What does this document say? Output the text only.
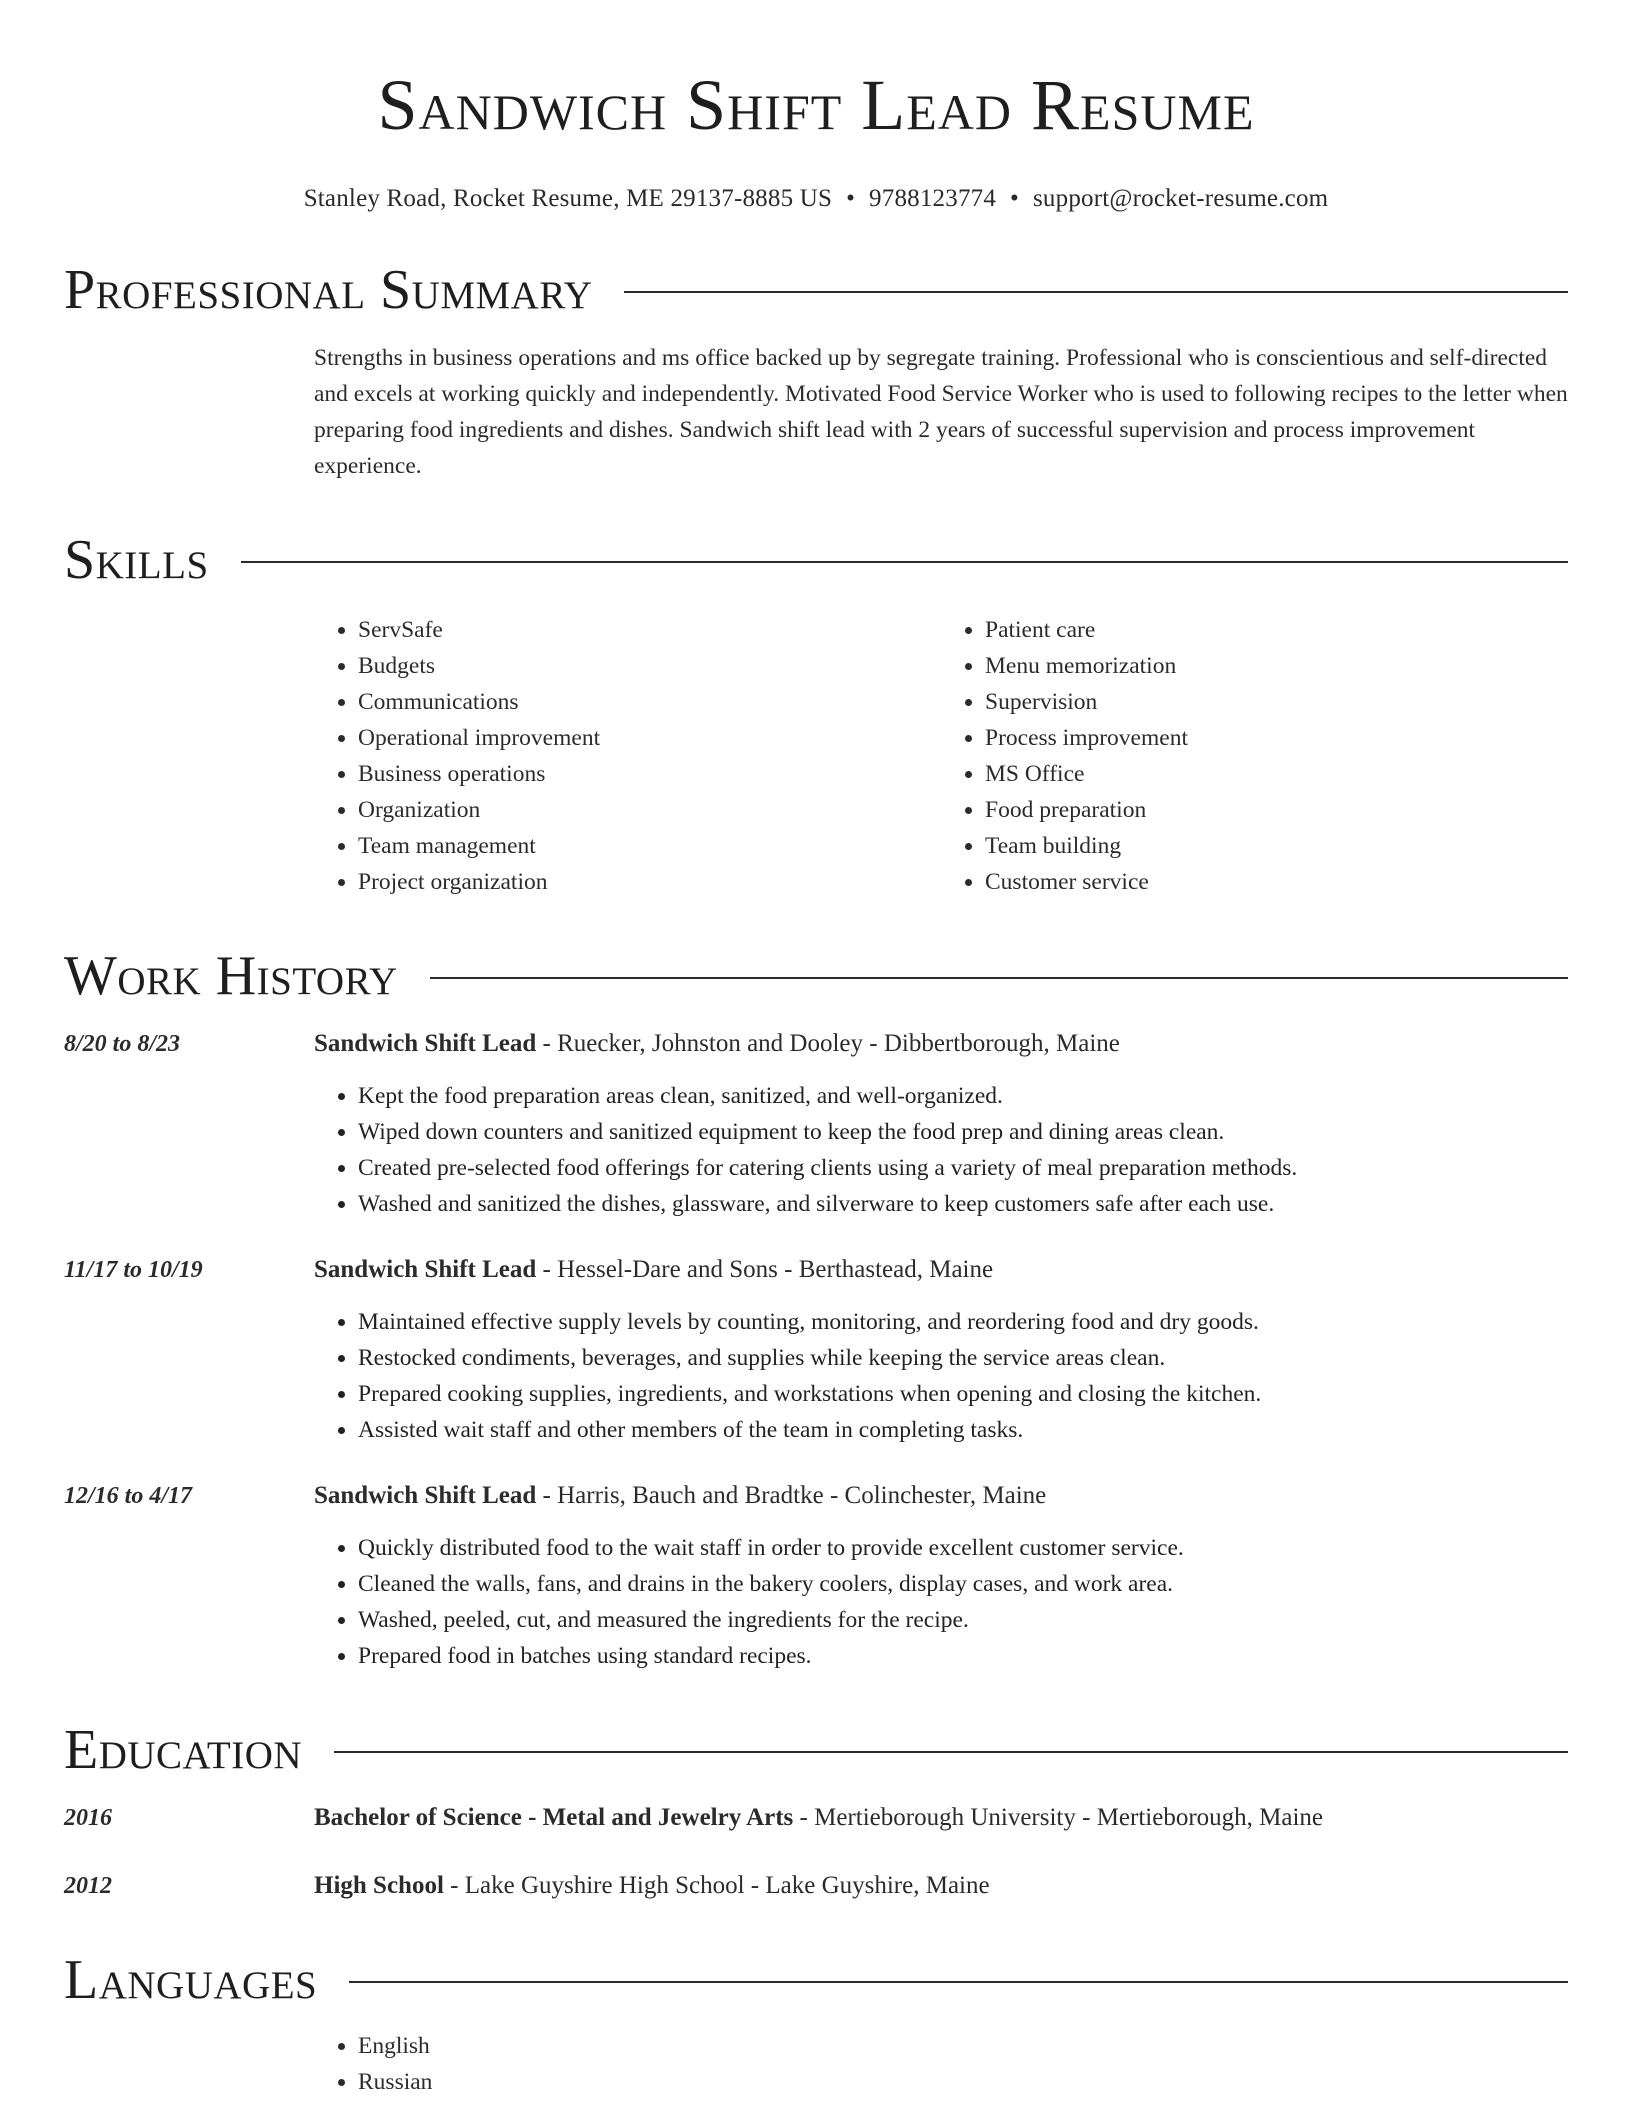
Sandwich Shift Lead Resume
Stanley Road, Rocket Resume, ME 29137-8885 US • 9788123774 • support@rocket-resume.com
Professional Summary
Strengths in business operations and ms office backed up by segregate training. Professional who is conscientious and self-directed and excels at working quickly and independently. Motivated Food Service Worker who is used to following recipes to the letter when preparing food ingredients and dishes. Sandwich shift lead with 2 years of successful supervision and process improvement experience.
Skills
• ServSafe
• Budgets
• Communications
• Operational improvement
• Business operations
• Organization
• Team management
• Project organization
• Patient care
• Menu memorization
• Supervision
• Process improvement
• MS Office
• Food preparation
• Team building
• Customer service
Work History
8/20 to 8/23	Sandwich Shift Lead - Ruecker, Johnston and Dooley - Dibbertborough, Maine
• Kept the food preparation areas clean, sanitized, and well-organized.
• Wiped down counters and sanitized equipment to keep the food prep and dining areas clean.
• Created pre-selected food offerings for catering clients using a variety of meal preparation methods.
• Washed and sanitized the dishes, glassware, and silverware to keep customers safe after each use.
11/17 to 10/19	Sandwich Shift Lead - Hessel-Dare and Sons - Berthastead, Maine
• Maintained effective supply levels by counting, monitoring, and reordering food and dry goods.
• Restocked condiments, beverages, and supplies while keeping the service areas clean.
• Prepared cooking supplies, ingredients, and workstations when opening and closing the kitchen.
• Assisted wait staff and other members of the team in completing tasks.
12/16 to 4/17	Sandwich Shift Lead - Harris, Bauch and Bradtke - Colinchester, Maine
• Quickly distributed food to the wait staff in order to provide excellent customer service.
• Cleaned the walls, fans, and drains in the bakery coolers, display cases, and work area.
• Washed, peeled, cut, and measured the ingredients for the recipe.
• Prepared food in batches using standard recipes.
Education
2016	Bachelor of Science - Metal and Jewelry Arts - Mertieborough University - Mertieborough, Maine
2012	High School - Lake Guyshire High School - Lake Guyshire, Maine
Languages
• English
• Russian
